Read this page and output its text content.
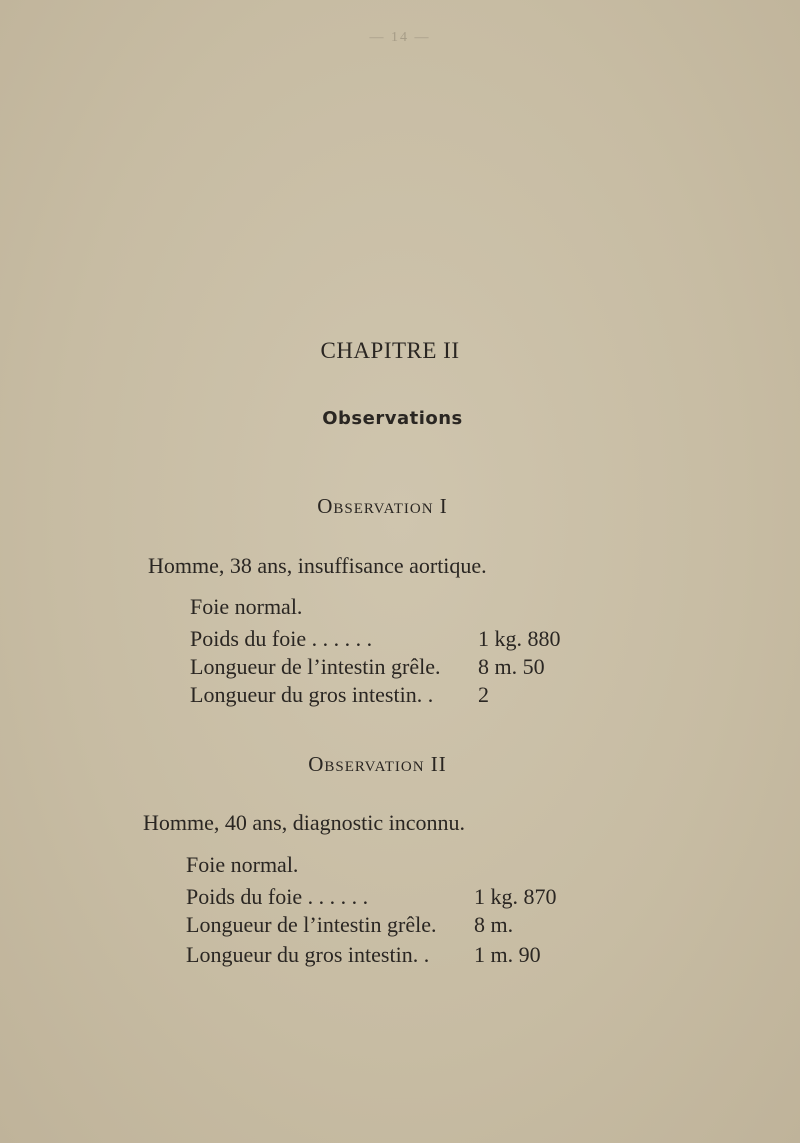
— 14 —
CHAPITRE II
Observations
Observation I
Homme, 38 ans, insuffisance aortique.

Foie normal.

Poids du foie . . . . . .

	1 kg. 880

Longueur de l’intestin grêle.

8 m. 50

Longueur du gros intestin. .

2

Observation II
Homme, 40 ans, diagnostic inconnu.

Foie normal.

Poids du foie . . . . . .

	1 kg. 870

Longueur de l’intestin grêle.

8 m.

Longueur du gros intestin. .

1 m. 90
